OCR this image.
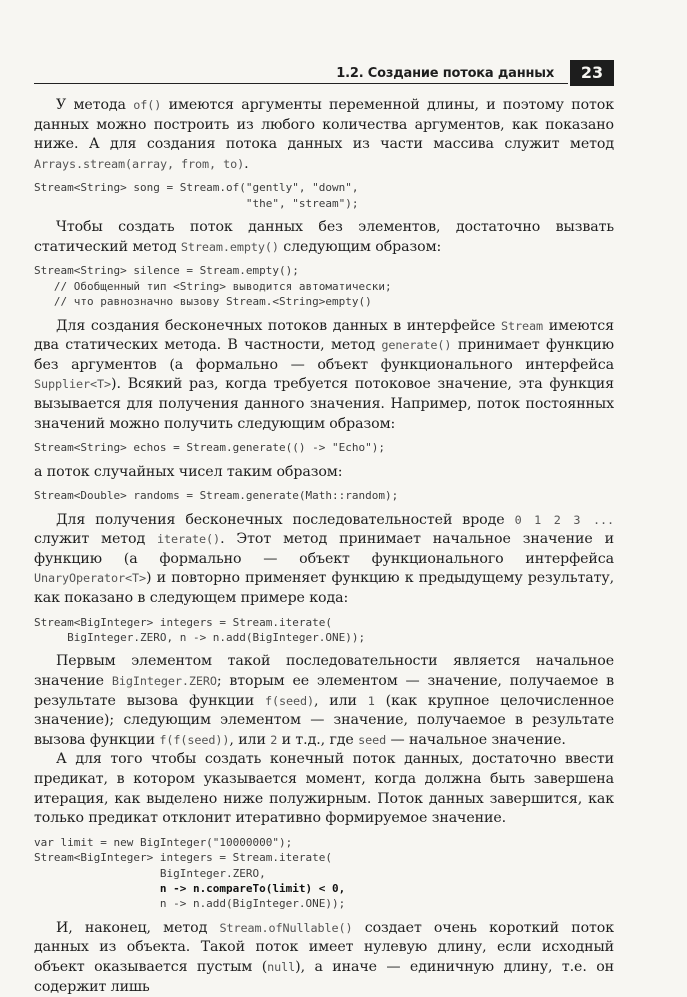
1.2. Создание потока данных	23

У метода of() имеются аргументы переменной длины, и поэтому поток данных можно построить из любого количества аргументов, как показано ниже. А для создания потока данных из части массива служит метод Arrays.stream(array, from, to).

Stream<String> song = Stream.of("gently", "down",
"the", "stream");

Чтобы создать поток данных без элементов, достаточно вызвать статический метод Stream.empty() следующим образом:

Stream<String> silence = Stream.empty();
// Обобщенный тип <String> выводится автоматически;
// что равнозначно вызову Stream.<String>empty()

Для создания бесконечных потоков данных в интерфейсе Stream имеются два статических метода. В частности, метод generate() принимает функцию без аргументов (а формально — объект функционального интерфейса Supplier<T>). Всякий раз, когда требуется потоковое значение, эта функция вызывается для получения данного значения. Например, поток постоянных значений можно получить следующим образом:

Stream<String> echos = Stream.generate(() -> "Echo");

а поток случайных чисел таким образом:

Stream<Double> randoms = Stream.generate(Math::random);

Для получения бесконечных последовательностей вроде 0 1 2 3 ... служит метод iterate(). Этот метод принимает начальное значение и функцию (а формально — объект функционального интерфейса UnaryOperator<T>) и повторно применяет функцию к предыдущему результату, как показано в следующем примере кода:

Stream<BigInteger> integers = Stream.iterate(
BigInteger.ZERO, n -> n.add(BigInteger.ONE));

Первым элементом такой последовательности является начальное значение BigInteger.ZERO; вторым ее элементом — значение, получаемое в результате вызова функции f(seed), или 1 (как крупное целочисленное значение); следующим элементом — значение, получаемое в результате вызова функции f(f(seed)), или 2 и т.д., где seed — начальное значение.

А для того чтобы создать конечный поток данных, достаточно ввести предикат, в котором указывается момент, когда должна быть завершена итерация, как выделено ниже полужирным. Поток данных завершится, как только предикат отклонит итеративно формируемое значение.

var limit = new BigInteger("10000000");
Stream<BigInteger> integers = Stream.iterate(
BigInteger.ZERO,
n -> n.compareTo(limit) < 0,
n -> n.add(BigInteger.ONE));

И, наконец, метод Stream.ofNullable() создает очень короткий поток данных из объекта. Такой поток имеет нулевую длину, если исходный объект оказывается пустым (null), а иначе — единичную длину, т.е. он содержит лишь
